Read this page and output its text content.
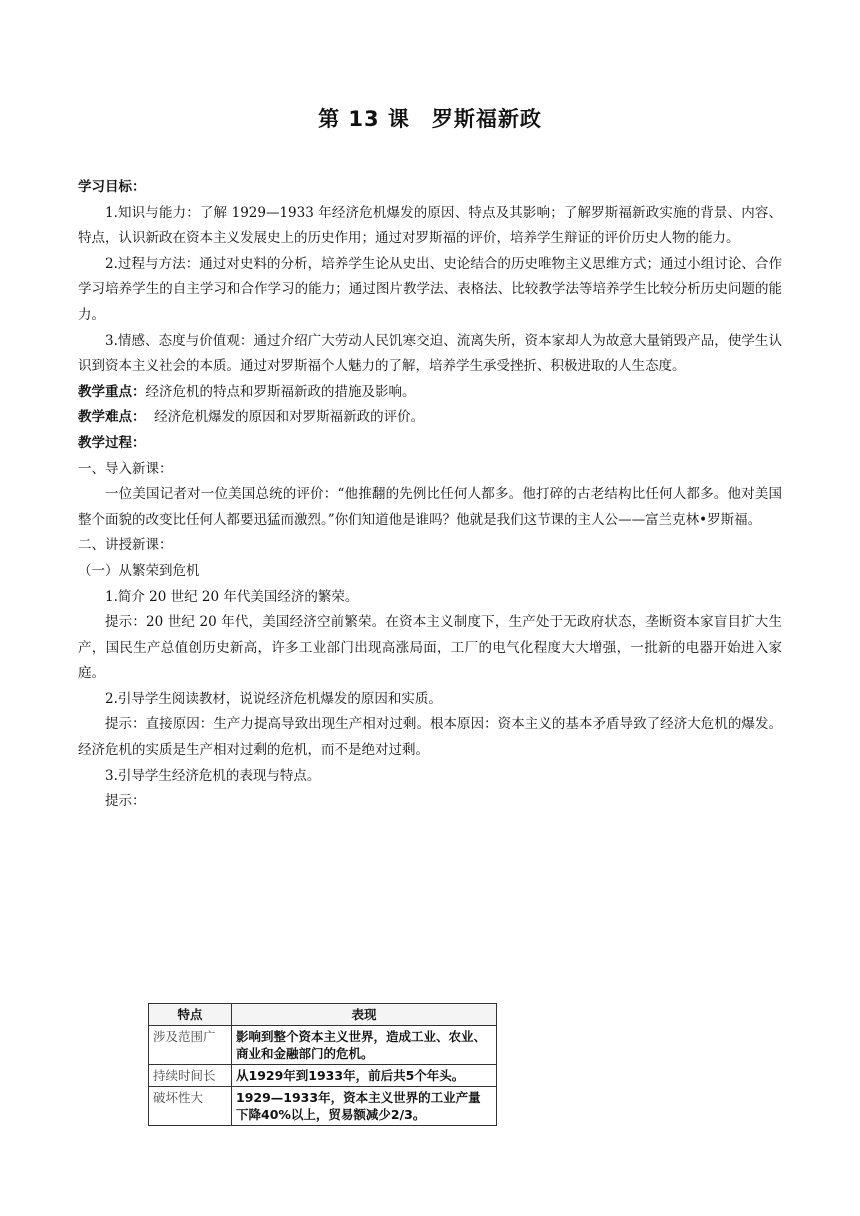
第 13 课　罗斯福新政

学习目标：

1.知识与能力：了解 1929—1933 年经济危机爆发的原因、特点及其影响；了解罗斯福新政实施的背景、内容、特点，认识新政在资本主义发展史上的历史作用；通过对罗斯福的评价，培养学生辩证的评价历史人物的能力。

2.过程与方法：通过对史料的分析，培养学生论从史出、史论结合的历史唯物主义思维方式；通过小组讨论、合作学习培养学生的自主学习和合作学习的能力；通过图片教学法、表格法、比较教学法等培养学生比较分析历史问题的能力。

3.情感、态度与价值观：通过介绍广大劳动人民饥寒交迫、流离失所，资本家却人为故意大量销毁产品，使学生认识到资本主义社会的本质。通过对罗斯福个人魅力的了解，培养学生承受挫折、积极进取的人生态度。

教学重点：经济危机的特点和罗斯福新政的措施及影响。

教学难点：  经济危机爆发的原因和对罗斯福新政的评价。

教学过程：

一、导入新课：

一位美国记者对一位美国总统的评价：“他推翻的先例比任何人都多。他打碎的古老结构比任何人都多。他对美国整个面貌的改变比任何人都要迅猛而激烈。”你们知道他是谁吗？他就是我们这节课的主人公——富兰克林•罗斯福。

二、讲授新课：

（一）从繁荣到危机

1.简介 20 世纪 20 年代美国经济的繁荣。

提示：20 世纪 20 年代，美国经济空前繁荣。在资本主义制度下，生产处于无政府状态，垄断资本家盲目扩大生产，国民生产总值创历史新高，许多工业部门出现高涨局面，工厂的电气化程度大大增强，一批新的电器开始进入家庭。

2.引导学生阅读教材，说说经济危机爆发的原因和实质。

提示：直接原因：生产力提高导致出现生产相对过剩。根本原因：资本主义的基本矛盾导致了经济大危机的爆发。经济危机的实质是生产相对过剩的危机，而不是绝对过剩。

3.引导学生经济危机的表现与特点。

提示：

特点	表现
涉及范围广	影响到整个资本主义世界，造成工业、农业、商业和金融部门的危机。
持续时间长	从1929年到1933年，前后共5个年头。
破坏性大	1929—1933年，资本主义世界的工业产量下降40%以上，贸易额减少2/3。
